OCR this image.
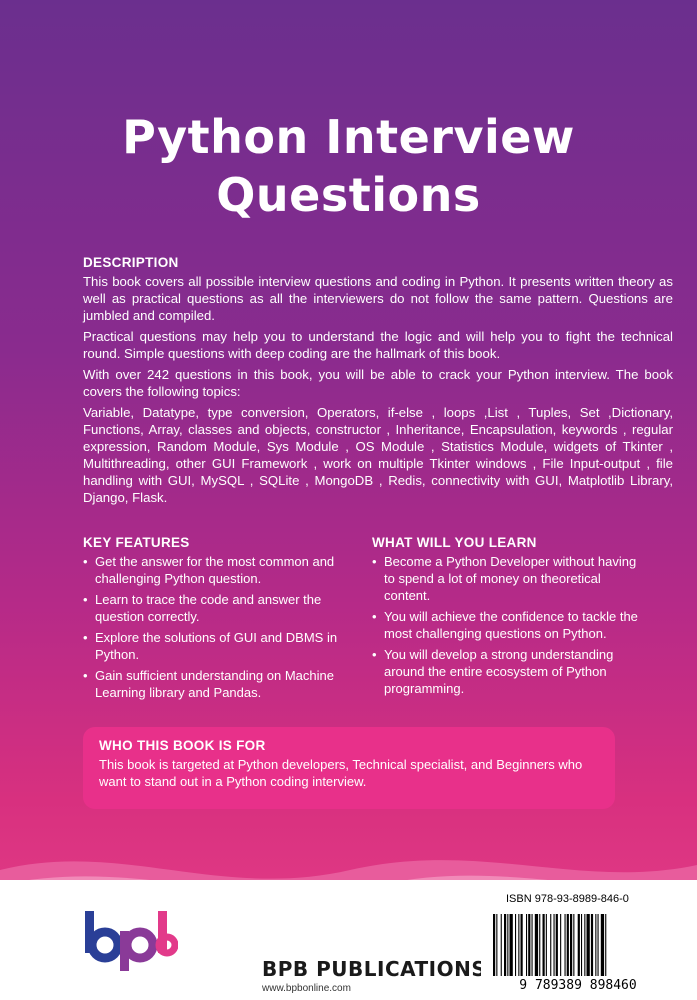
Python Interview
Questions
DESCRIPTION

This book covers all possible interview questions and coding in Python. It presents written theory as well as practical questions as all the interviewers do not follow the same pattern. Questions are jumbled and compiled.

Practical questions may help you to understand the logic and will help you to fight the technical round. Simple questions with deep coding are the hallmark of this book.

With over 242 questions in this book, you will be able to crack your Python interview. The book covers the following topics:

Variable, Datatype, type conversion, Operators, if-else , loops ,List , Tuples, Set ,Dictionary, Functions, Array, classes and objects, constructor , Inheritance, Encapsulation, keywords , regular expression, Random Module, Sys Module , OS Module , Statistics Module, widgets of Tkinter , Multithreading, other GUI Framework , work on multiple Tkinter windows , File Input-output , file handling with GUI, MySQL , SQLite , MongoDB , Redis, connectivity with GUI, Matplotlib Library, Django, Flask.

KEY FEATURES
• Get the answer for the most common and challenging Python question.
• Learn to trace the code and answer the question correctly.
• Explore the solutions of GUI and DBMS in Python.
• Gain sufficient understanding on Machine Learning library and Pandas.
WHAT WILL YOU LEARN
• Become a Python Developer without having to spend a lot of money on theoretical content.
• You will achieve the confidence to tackle the most challenging questions on Python.
• You will develop a strong understanding around the entire ecosystem of Python programming.
WHO THIS BOOK IS FOR
This book is targeted at Python developers, Technical specialist, and Beginners who want to stand out in a Python coding interview.
BPB PUBLICATIONS
www.bpbonline.com
ISBN 978-93-8989-846-0
9 789389 898460
